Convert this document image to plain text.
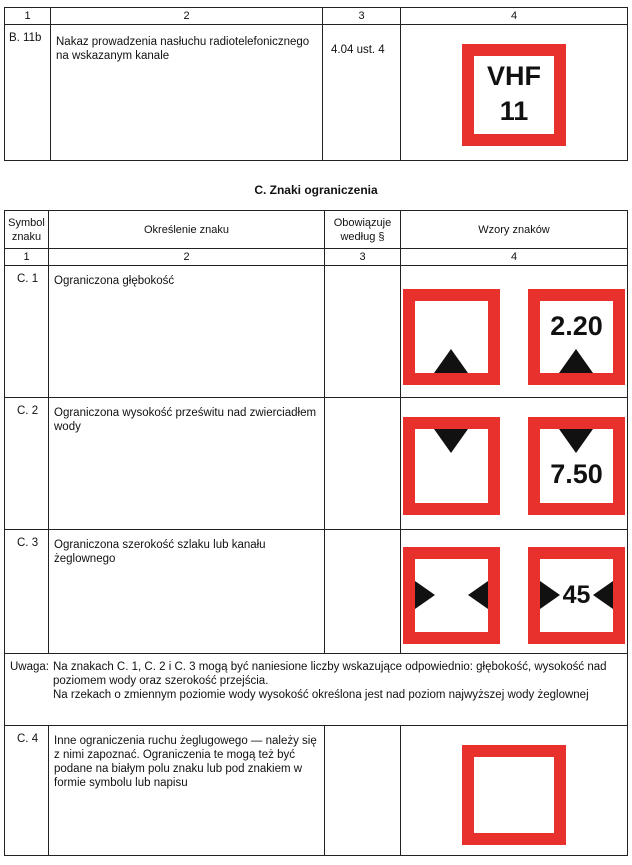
1	2	3	4
B. 11b	Nakaz prowadzenia nasłuchu radiotelefonicznego na wskazanym kanale	4.04 ust. 4	
VHF
11
C. Znaki ograniczenia
Symbol znaku	Określenie znaku	Obowiązuje według §	Wzory znaków
1	2	3	4
C. 1	Ograniczona głębokość		
C. 2	Ograniczona wysokość prześwitu nad zwierciadłem wody		
C. 3	Ograniczona szerokość szlaku lub kanału żeglownego		

Uwaga: Na znakach C. 1, C. 2 i C. 3 mogą być naniesione liczby wskazujące odpowiednio: głębokość, wysokość nad poziomem wody oraz szerokość przejścia.
Na rzekach o zmiennym poziomie wody wysokość określona jest nad poziom najwyższej wody żeglownej			

C. 4	Inne ograniczenia ruchu żeglugowego — należy się z nimi zapoznać. Ograniczenia te mogą też być podane na białym polu znaku lub pod znakiem w formie symbolu lub napisu		
2.20
7.50
45
